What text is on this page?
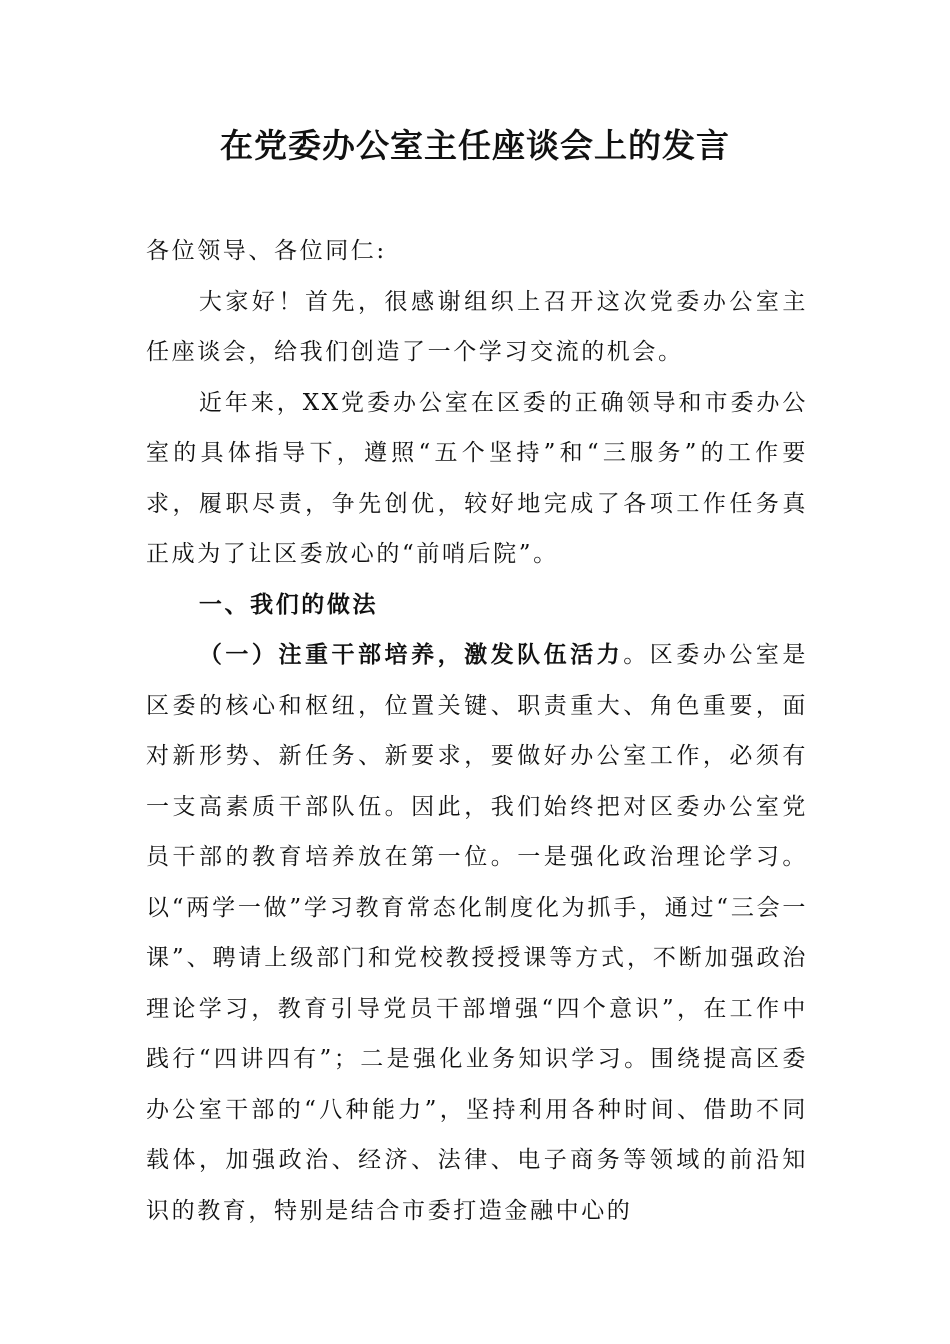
在党委办公室主任座谈会上的发言

各位领导、各位同仁:

大家好！首先，很感谢组织上召开这次党委办公室主任座谈会，给我们创造了一个学习交流的机会。

近年来，XX党委办公室在区委的正确领导和市委办公室的具体指导下，遵照“五个坚持”和“三服务”的工作要求，履职尽责，争先创优，较好地完成了各项工作任务真正成为了让区委放心的“前哨后院”。

一、我们的做法

（一）注重干部培养，激发队伍活力。区委办公室是区委的核心和枢纽，位置关键、职责重大、角色重要，面对新形势、新任务、新要求，要做好办公室工作，必须有一支高素质干部队伍。因此，我们始终把对区委办公室党员干部的教育培养放在第一位。一是强化政治理论学习。以“两学一做”学习教育常态化制度化为抓手，通过“三会一课”、聘请上级部门和党校教授授课等方式，不断加强政治理论学习，教育引导党员干部增强“四个意识”，在工作中践行“四讲四有”；二是强化业务知识学习。围绕提高区委办公室干部的“八种能力”，坚持利用各种时间、借助不同载体，加强政治、经济、法律、电子商务等领域的前沿知识的教育，特别是结合市委打造金融中心的
